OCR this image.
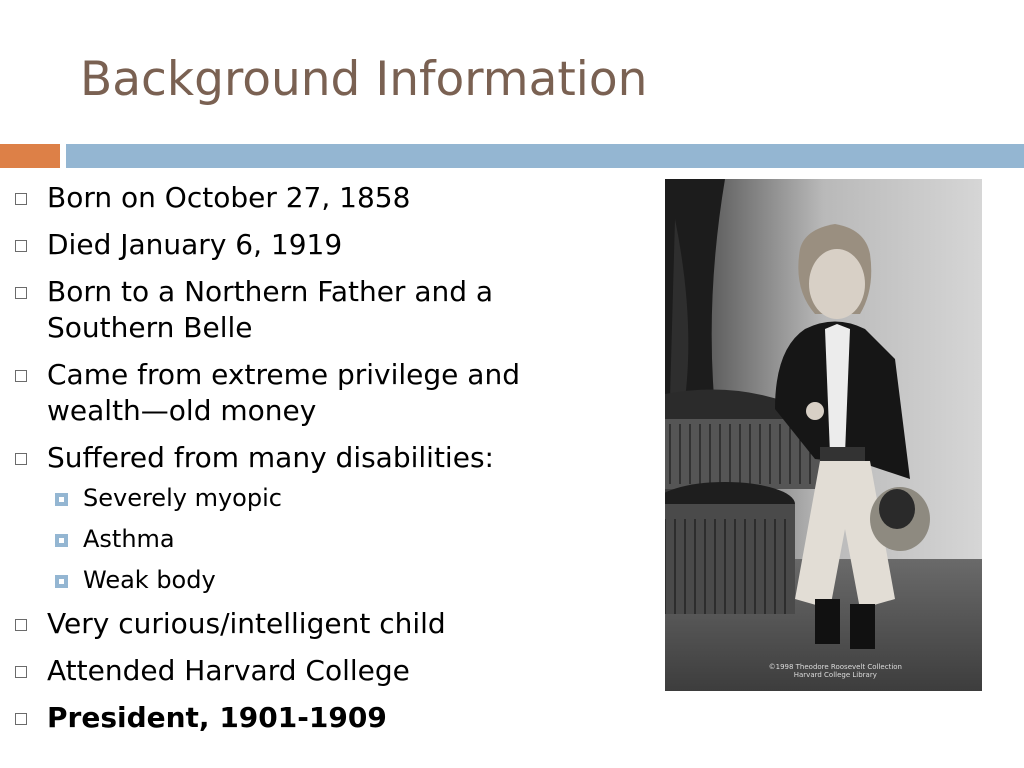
Background Information
Born on October 27, 1858
Died January 6, 1919
Born to a Northern Father and a Southern Belle
Came from extreme privilege and wealth—old money
Suffered from many disabilities:
Severely myopic
Asthma
Weak body
Very curious/intelligent child
Attended Harvard College
President, 1901-1909
©1998 Theodore Roosevelt Collection
Harvard College Library
